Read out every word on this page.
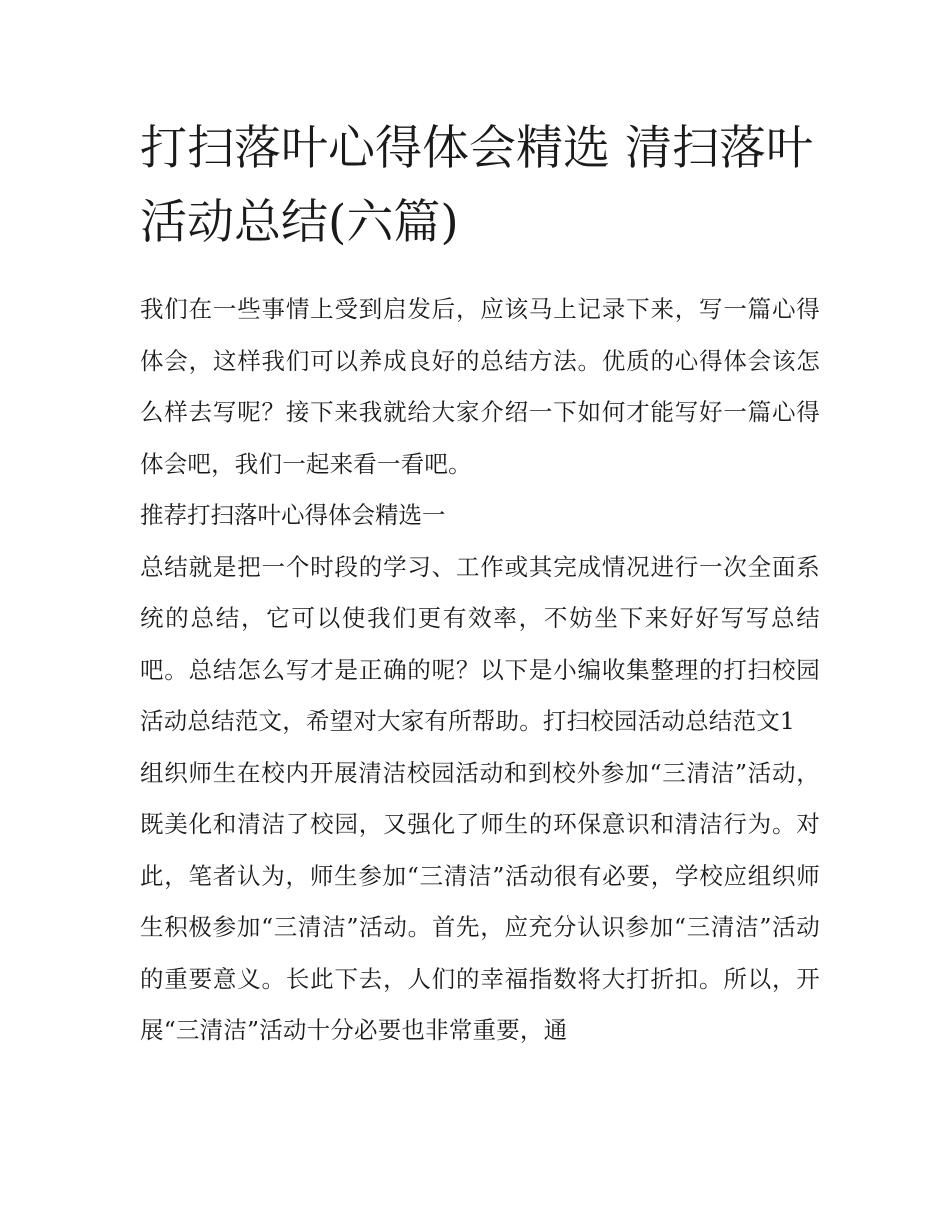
打扫落叶心得体会精选 清扫落叶活动总结(六篇)

我们在一些事情上受到启发后，应该马上记录下来，写一篇心得体会，这样我们可以养成良好的总结方法。优质的心得体会该怎么样去写呢？接下来我就给大家介绍一下如何才能写好一篇心得体会吧，我们一起来看一看吧。

推荐打扫落叶心得体会精选一

总结就是把一个时段的学习、工作或其完成情况进行一次全面系统的总结，它可以使我们更有效率，不妨坐下来好好写写总结吧。总结怎么写才是正确的呢？以下是小编收集整理的打扫校园活动总结范文，希望对大家有所帮助。打扫校园活动总结范文1

组织师生在校内开展清洁校园活动和到校外参加“三清洁”活动，既美化和清洁了校园，又强化了师生的环保意识和清洁行为。对此，笔者认为，师生参加“三清洁”活动很有必要，学校应组织师生积极参加“三清洁”活动。首先，应充分认识参加“三清洁”活动的重要意义。长此下去，人们的幸福指数将大打折扣。所以，开展“三清洁”活动十分必要也非常重要，通
